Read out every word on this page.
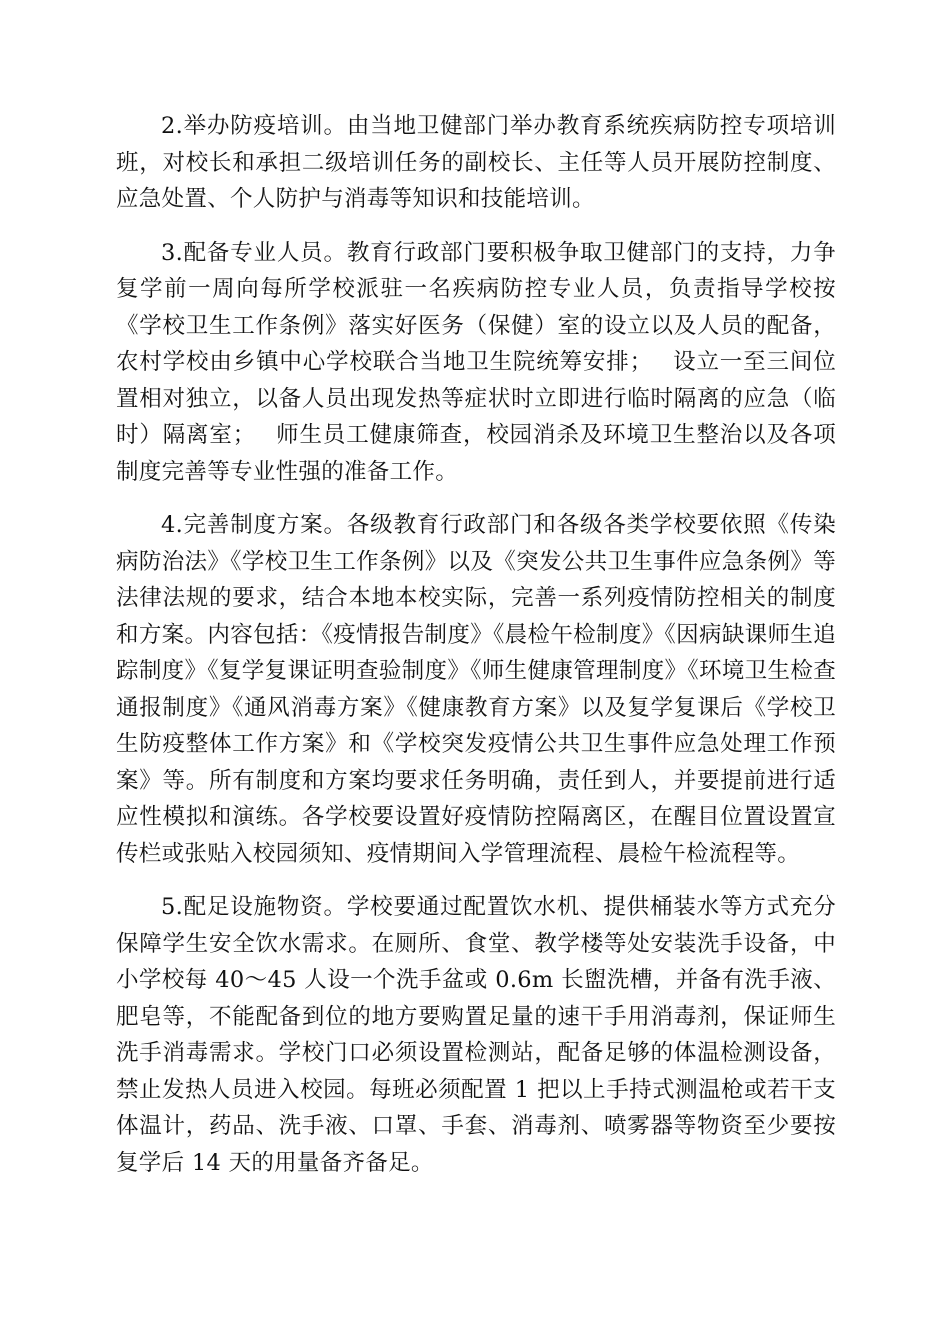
2.举办防疫培训。由当地卫健部门举办教育系统疾病防控专项培训班，对校长和承担二级培训任务的副校长、主任等人员开展防控制度、应急处置、个人防护与消毒等知识和技能培训。

3.配备专业人员。教育行政部门要积极争取卫健部门的支持，力争复学前一周向每所学校派驻一名疾病防控专业人员，负责指导学校按《学校卫生工作条例》落实好医务（保健）室的设立以及人员的配备，农村学校由乡镇中心学校联合当地卫生院统筹安排；　 设立一至三间位置相对独立，以备人员出现发热等症状时立即进行临时隔离的应急（临时）隔离室；　 师生员工健康筛查，校园消杀及环境卫生整治以及各项制度完善等专业性强的准备工作。

4.完善制度方案。各级教育行政部门和各级各类学校要依照《传染病防治法》《学校卫生工作条例》以及《突发公共卫生事件应急条例》等法律法规的要求，结合本地本校实际，完善一系列疫情防控相关的制度和方案。内容包括：《疫情报告制度》《晨检午检制度》《因病缺课师生追踪制度》《复学复课证明查验制度》《师生健康管理制度》《环境卫生检查通报制度》《通风消毒方案》《健康教育方案》以及复学复课后《学校卫生防疫整体工作方案》和《学校突发疫情公共卫生事件应急处理工作预案》等。所有制度和方案均要求任务明确，责任到人，并要提前进行适应性模拟和演练。各学校要设置好疫情防控隔离区，在醒目位置设置宣传栏或张贴入校园须知、疫情期间入学管理流程、晨检午检流程等。

5.配足设施物资。学校要通过配置饮水机、提供桶装水等方式充分保障学生安全饮水需求。在厕所、食堂、教学楼等处安装洗手设备，中小学校每 40～45 人设一个洗手盆或 0.6m 长盥洗槽，并备有洗手液、肥皂等，不能配备到位的地方要购置足量的速干手用消毒剂，保证师生洗手消毒需求。学校门口必须设置检测站，配备足够的体温检测设备，禁止发热人员进入校园。每班必须配置 1 把以上手持式测温枪或若干支体温计，药品、洗手液、口罩、手套、消毒剂、喷雾器等物资至少要按复学后 14 天的用量备齐备足。
